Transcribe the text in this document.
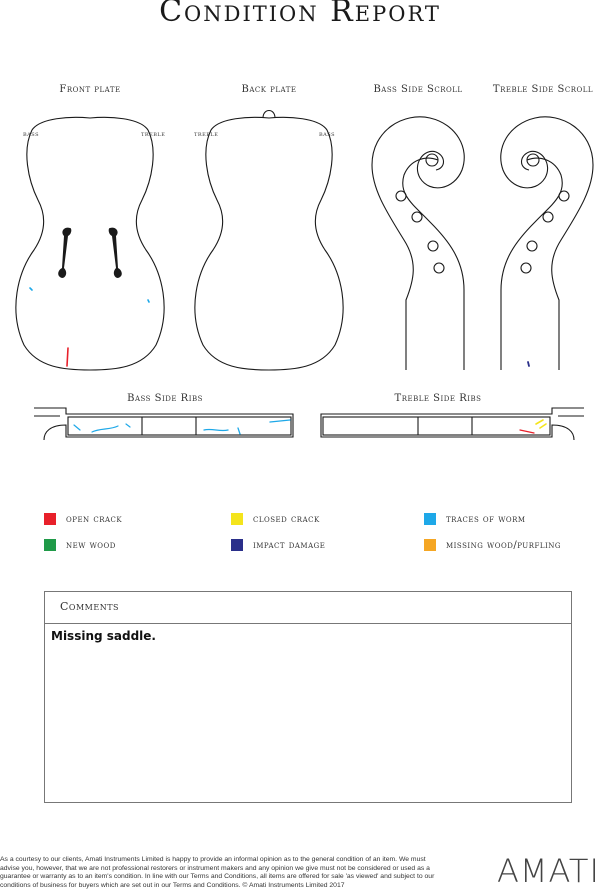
Condition Report
Front plate	Back plate	Bass Side Scroll	Treble Side Scroll
bass	treble	treble	bass
Bass Side Ribs	Treble Side Ribs
open crack	closed crack	traces of worm
new wood	impact damage	missing wood/purfling
Comments
Missing saddle.
As a courtesy to our clients, Amati Instruments Limited is happy to provide an informal opinion as to the general condition of an item. We must advise you, however, that we are not professional restorers or instrument makers and any opinion we give must not be considered or used as a guarantee or warranty as to an item's condition. In line with our Terms and Conditions, all items are offered for sale 'as viewed' and subject to our conditions of business for buyers which are set out in our Terms and Conditions. © Amati Instruments Limited 2017	AMATI
